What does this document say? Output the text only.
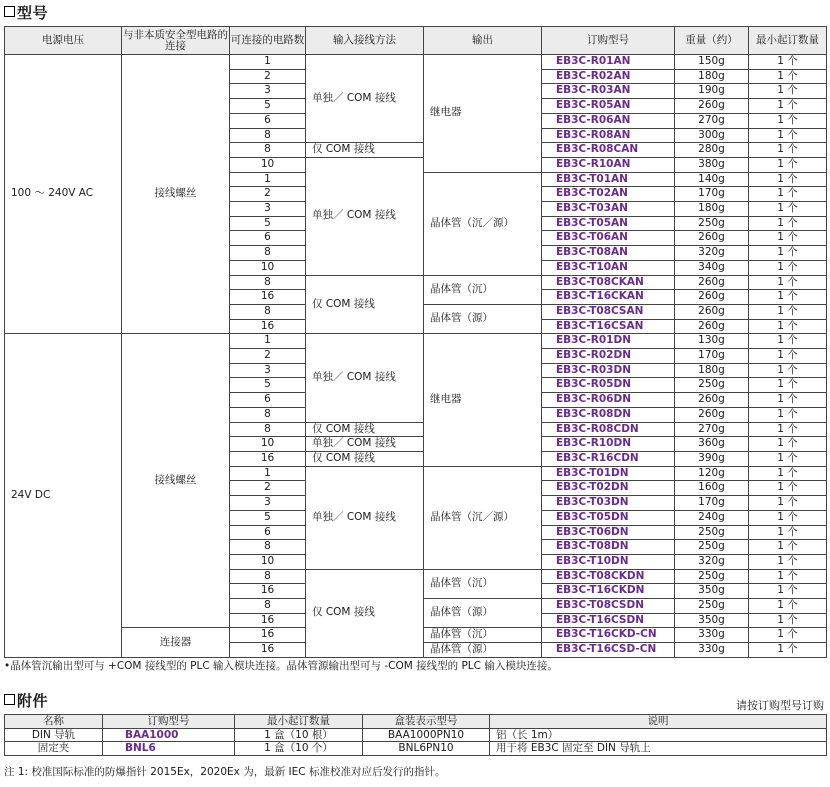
型号
电源电压	与非本质安全型电路的连接	可连接的电路数	输入接线方法	输出	订购型号	重量（约）	最小起订数量
100 ～ 240V AC	接线螺丝	1	单独／ COM 接线	继电器	EB3C-R01AN	150g	1 个
		2			EB3C-R02AN	180g	1 个
		3			EB3C-R03AN	190g	1 个
		5			EB3C-R05AN	260g	1 个
		6			EB3C-R06AN	270g	1 个
		8			EB3C-R08AN	300g	1 个
		8	仅 COM 接线		EB3C-R08CAN	280g	1 个
		10	单独／ COM 接线		EB3C-R10AN	380g	1 个
		1		晶体管（沉／源）	EB3C-T01AN	140g	1 个
		2			EB3C-T02AN	170g	1 个
		3			EB3C-T03AN	180g	1 个
		5			EB3C-T05AN	250g	1 个
		6			EB3C-T06AN	260g	1 个
		8			EB3C-T08AN	320g	1 个
		10			EB3C-T10AN	340g	1 个
		8	仅 COM 接线	晶体管（沉）	EB3C-T08CKAN	260g	1 个
		16			EB3C-T16CKAN	260g	1 个
		8		晶体管（源）	EB3C-T08CSAN	260g	1 个
		16			EB3C-T16CSAN	260g	1 个
24V DC	接线螺丝	1	单独／ COM 接线	继电器	EB3C-R01DN	130g	1 个
		2			EB3C-R02DN	170g	1 个
		3			EB3C-R03DN	180g	1 个
		5			EB3C-R05DN	250g	1 个
		6			EB3C-R06DN	260g	1 个
		8			EB3C-R08DN	260g	1 个
		8	仅 COM 接线		EB3C-R08CDN	270g	1 个
		10	单独／ COM 接线		EB3C-R10DN	360g	1 个
		16	仅 COM 接线		EB3C-R16CDN	390g	1 个
		1	单独／ COM 接线	晶体管（沉／源）	EB3C-T01DN	120g	1 个
		2			EB3C-T02DN	160g	1 个
		3			EB3C-T03DN	170g	1 个
		5			EB3C-T05DN	240g	1 个
		6			EB3C-T06DN	250g	1 个
		8			EB3C-T08DN	250g	1 个
		10			EB3C-T10DN	320g	1 个
		8	仅 COM 接线	晶体管（沉）	EB3C-T08CKDN	250g	1 个
		16			EB3C-T16CKDN	350g	1 个
		8		晶体管（源）	EB3C-T08CSDN	250g	1 个
		16			EB3C-T16CSDN	350g	1 个
	连接器	16		晶体管（沉）	EB3C-T16CKD-CN	330g	1 个
		16		晶体管（源）	EB3C-T16CSD-CN	330g	1 个
•晶体管沉输出型可与 +COM 接线型的 PLC 输入模块连接。晶体管源输出型可与 -COM 接线型的 PLC 输入模块连接。
附件	请按订购型号订购
名称	订购型号	最小起订数量	盒装表示型号	说明
DIN 导轨	BAA1000	1 盒（10 根）	BAA1000PN10	铝（长 1m）
固定夹	BNL6	1 盒（10 个）	BNL6PN10	用于将 EB3C 固定至 DIN 导轨上
注 1: 校准国际标准的防爆指针 2015Ex，2020Ex 为，最新 IEC 标准校准对应后发行的指针。
